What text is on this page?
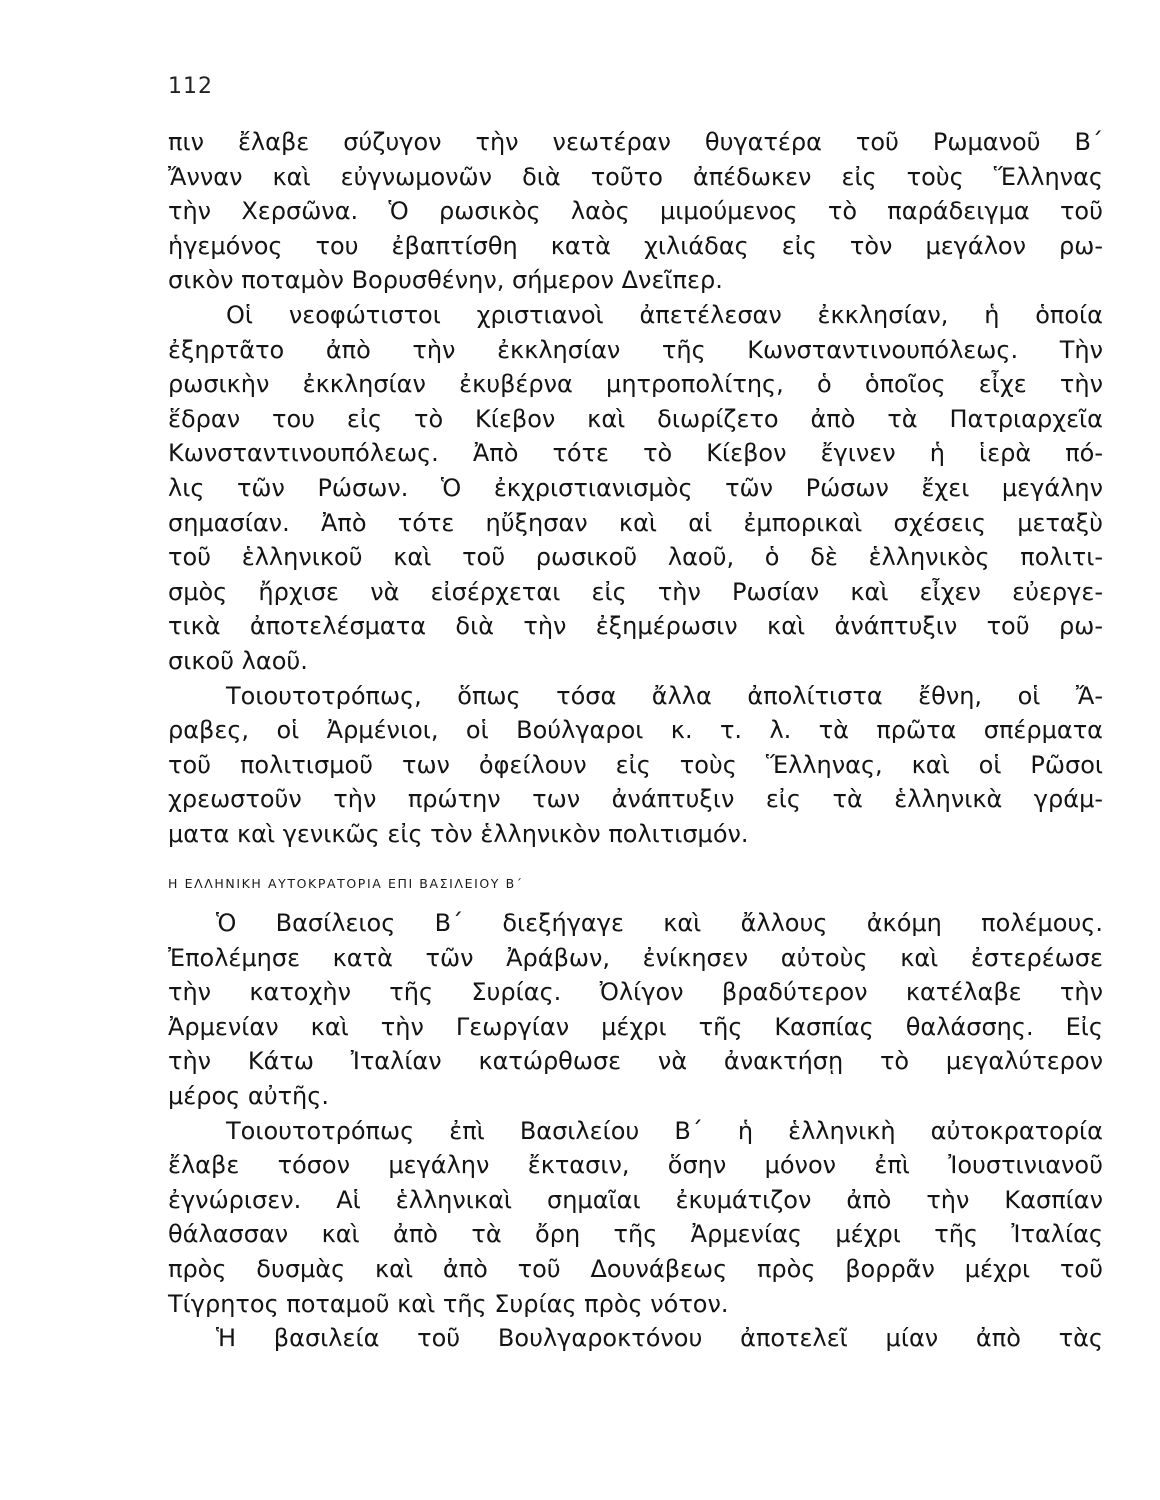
112
πιν ἔλαβε σύζυγον τὴν νεωτέραν θυγατέρα τοῦ Ρωμανοῦ Β΄
Ἄνναν καὶ εὐγνωμονῶν διὰ τοῦτο ἀπέδωκεν εἰς τοὺς Ἕλληνας
τὴν Χερσῶνα. Ὁ ρωσικὸς λαὸς μιμούμενος τὸ παράδειγμα τοῦ
ἡγεμόνος του ἐβαπτίσθη κατὰ χιλιάδας εἰς τὸν μεγάλον ρω-
σικὸν ποταμὸν Βορυσθένην, σήμερον Δνεῖπερ.
Οἱ νεοφώτιστοι χριστιανοὶ ἀπετέλεσαν ἐκκλησίαν, ἡ ὁποία
ἐξηρτᾶτο ἀπὸ τὴν ἐκκλησίαν τῆς Κωνσταντινουπόλεως. Τὴν
ρωσικὴν ἐκκλησίαν ἐκυβέρνα μητροπολίτης, ὁ ὁποῖος εἶχε τὴν
ἕδραν του εἰς τὸ Κίεβον καὶ διωρίζετο ἀπὸ τὰ Πατριαρχεῖα
Κωνσταντινουπόλεως. Ἀπὸ τότε τὸ Κίεβον ἔγινεν ἡ ἱερὰ πό-
λις τῶν Ρώσων. Ὁ ἐκχριστιανισμὸς τῶν Ρώσων ἔχει μεγάλην
σημασίαν. Ἀπὸ τότε ηὔξησαν καὶ αἱ ἐμπορικαὶ σχέσεις μεταξὺ
τοῦ ἑλληνικοῦ καὶ τοῦ ρωσικοῦ λαοῦ, ὁ δὲ ἑλληνικὸς πολιτι-
σμὸς ἤρχισε νὰ εἰσέρχεται εἰς τὴν Ρωσίαν καὶ εἶχεν εὐεργε-
τικὰ ἀποτελέσματα διὰ τὴν ἐξημέρωσιν καὶ ἀνάπτυξιν τοῦ ρω-
σικοῦ λαοῦ.
Τοιουτοτρόπως, ὅπως τόσα ἄλλα ἀπολίτιστα ἔθνη, οἱ Ἄ-
ραβες, οἱ Ἀρμένιοι, οἱ Βούλγαροι κ. τ. λ. τὰ πρῶτα σπέρματα
τοῦ πολιτισμοῦ των ὀφείλουν εἰς τοὺς Ἕλληνας, καὶ οἱ Ρῶσοι
χρεωστοῦν τὴν πρώτην των ἀνάπτυξιν εἰς τὰ ἑλληνικὰ γράμ-
ματα καὶ γενικῶς εἰς τὸν ἑλληνικὸν πολιτισμόν.
Η ΕΛΛΗΝΙΚΗ ΑΥΤΟΚΡΑΤΟΡΙΑ ΕΠΙ ΒΑΣΙΛΕΙΟΥ Β΄
Ὁ Βασίλειος Β΄ διεξήγαγε καὶ ἄλλους ἀκόμη πολέμους.
Ἐπολέμησε κατὰ τῶν Ἀράβων, ἐνίκησεν αὐτοὺς καὶ ἐστερέωσε
τὴν κατοχὴν τῆς Συρίας. Ὀλίγον βραδύτερον κατέλαβε τὴν
Ἀρμενίαν καὶ τὴν Γεωργίαν μέχρι τῆς Κασπίας θαλάσσης. Εἰς
τὴν Κάτω Ἰταλίαν κατώρθωσε νὰ ἀνακτήσῃ τὸ μεγαλύτερον
μέρος αὐτῆς.
Τοιουτοτρόπως ἐπὶ Βασιλείου Β΄ ἡ ἑλληνικὴ αὐτοκρατορία
ἔλαβε τόσον μεγάλην ἔκτασιν, ὅσην μόνον ἐπὶ Ἰουστινιανοῦ
ἐγνώρισεν. Αἱ ἑλληνικαὶ σημαῖαι ἐκυμάτιζον ἀπὸ τὴν Κασπίαν
θάλασσαν καὶ ἀπὸ τὰ ὄρη τῆς Ἀρμενίας μέχρι τῆς Ἰταλίας
πρὸς δυσμὰς καὶ ἀπὸ τοῦ Δουνάβεως πρὸς βορρᾶν μέχρι τοῦ
Τίγρητος ποταμοῦ καὶ τῆς Συρίας πρὸς νότον.
Ἡ βασιλεία τοῦ Βουλγαροκτόνου ἀποτελεῖ μίαν ἀπὸ τὰς
